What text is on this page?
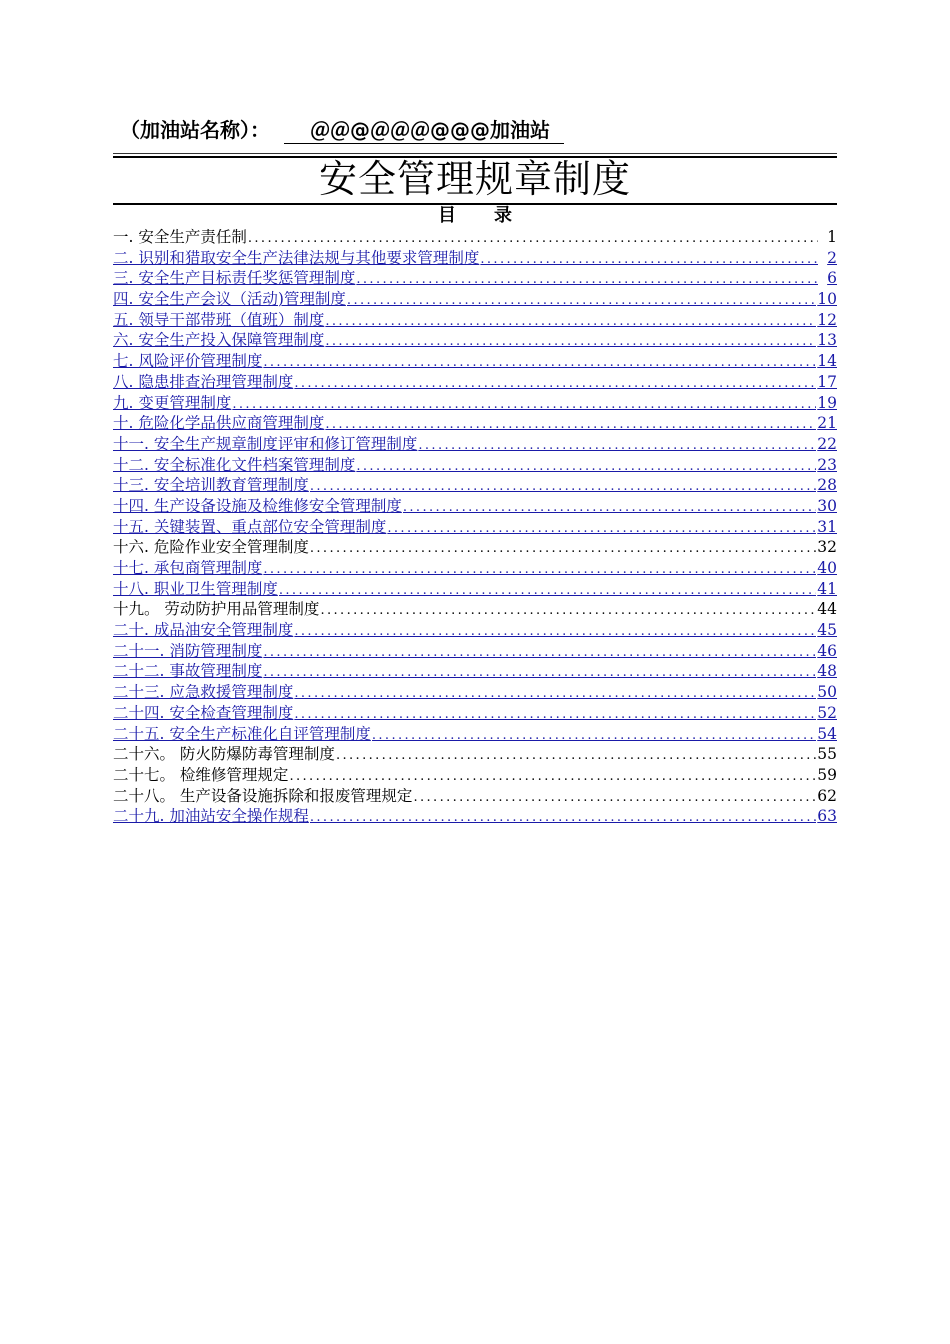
（加油站名称）： ＠＠@＠＠＠@@@加油站
安全管理规章制度
目录
一. 安全生产责任制 .....	1
二. 识别和猎取安全生产法律法规与其他要求管理制度 .....	2
三. 安全生产目标责任奖惩管理制度 .....	6
四. 安全生产会议（活动)管理制度 .....	10
五. 领导干部带班（值班）制度 .....	12
六. 安全生产投入保障管理制度 .....	13
七. 风险评价管理制度 .....	14
八. 隐患排查治理管理制度 .....	17
九. 变更管理制度 .....	19
十. 危险化学品供应商管理制度 .....	21
十一. 安全生产规章制度评审和修订管理制度 .....	22
十二. 安全标准化文件档案管理制度 .....	23
十三. 安全培训教育管理制度 .....	28
十四. 生产设备设施及检维修安全管理制度 .....	30
十五. 关键装置、重点部位安全管理制度 .....	31
十六. 危险作业安全管理制度 .....	32
十七. 承包商管理制度 .....	40
十八. 职业卫生管理制度 .....	41
十九。 劳动防护用品管理制度 .....	44
二十. 成品油安全管理制度 .....	45
二十一. 消防管理制度 .....	46
二十二. 事故管理制度 .....	48
二十三. 应急救援管理制度 .....	50
二十四. 安全检查管理制度 .....	52
二十五. 安全生产标准化自评管理制度 .....	54
二十六。 防火防爆防毒管理制度 .....	55
二十七。 检维修管理规定 .....	59
二十八。 生产设备设施拆除和报废管理规定 .....	62
二十九. 加油站安全操作规程 .....	63
